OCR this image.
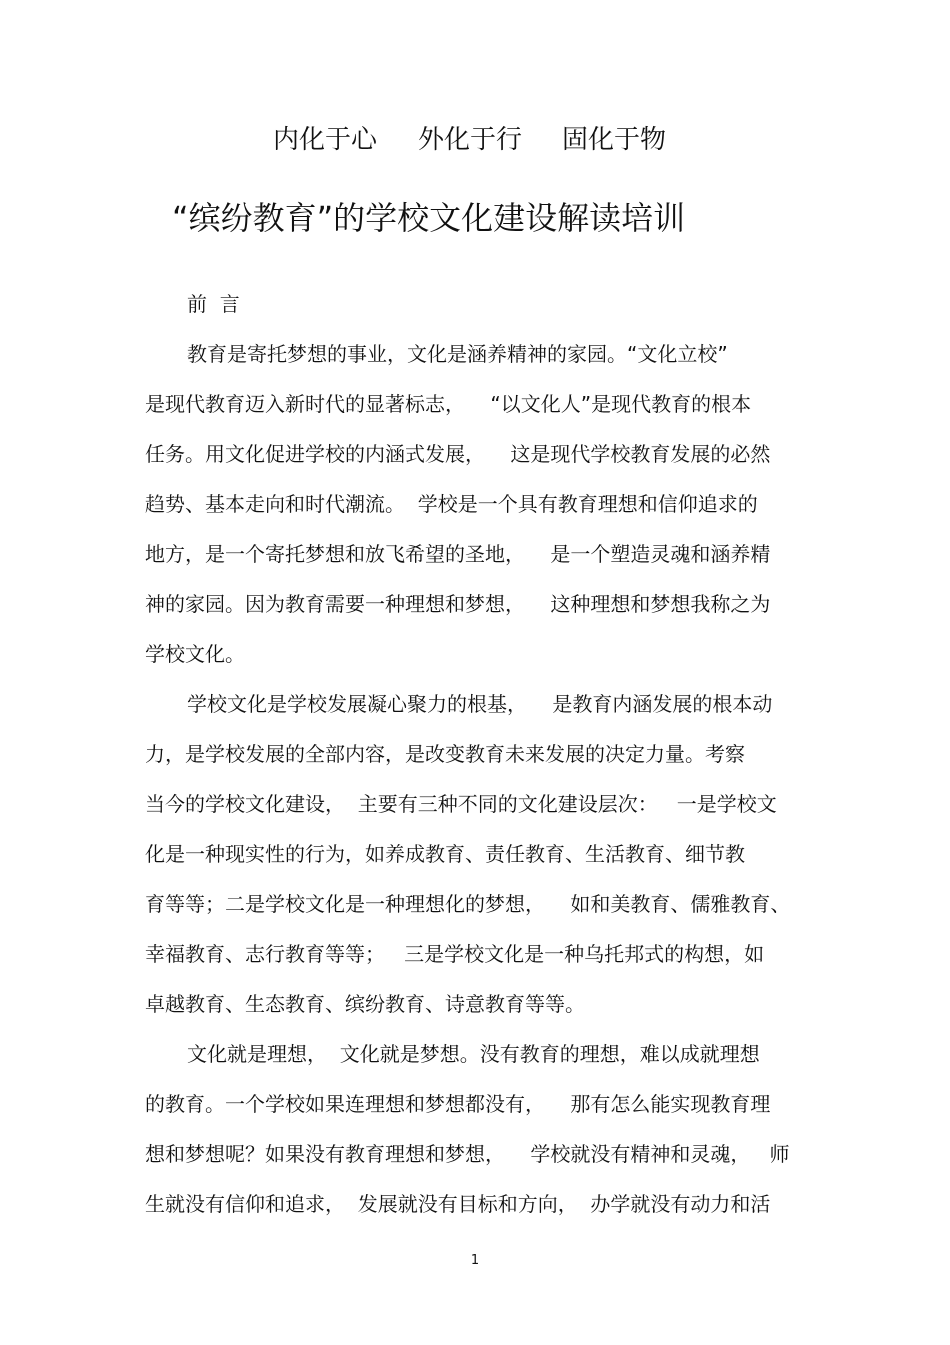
内化于心 外化于行 固化于物
“缤纷教育”的学校文化建设解读培训
前  言
教育是寄托梦想的事业，文化是涵养精神的家园。“文化立校”
是现代教育迈入新时代的显著标志，    “以文化人”是现代教育的根本
任务。用文化促进学校的内涵式发展，    这是现代学校教育发展的必然
趋势、基本走向和时代潮流。  学校是一个具有教育理想和信仰追求的
地方，是一个寄托梦想和放飞希望的圣地，    是一个塑造灵魂和涵养精
神的家园。因为教育需要一种理想和梦想，    这种理想和梦想我称之为
学校文化。
学校文化是学校发展凝心聚力的根基，    是教育内涵发展的根本动
力，是学校发展的全部内容，是改变教育未来发展的决定力量。考察
当今的学校文化建设，  主要有三种不同的文化建设层次：   一是学校文
化是一种现实性的行为，如养成教育、责任教育、生活教育、细节教
育等等；二是学校文化是一种理想化的梦想，    如和美教育、儒雅教育、
幸福教育、志行教育等等；   三是学校文化是一种乌托邦式的构想，如
卓越教育、生态教育、缤纷教育、诗意教育等等。
文化就是理想，  文化就是梦想。没有教育的理想，难以成就理想
的教育。一个学校如果连理想和梦想都没有，    那有怎么能实现教育理
想和梦想呢？如果没有教育理想和梦想，    学校就没有精神和灵魂，   师
生就没有信仰和追求，  发展就没有目标和方向，  办学就没有动力和活
1
